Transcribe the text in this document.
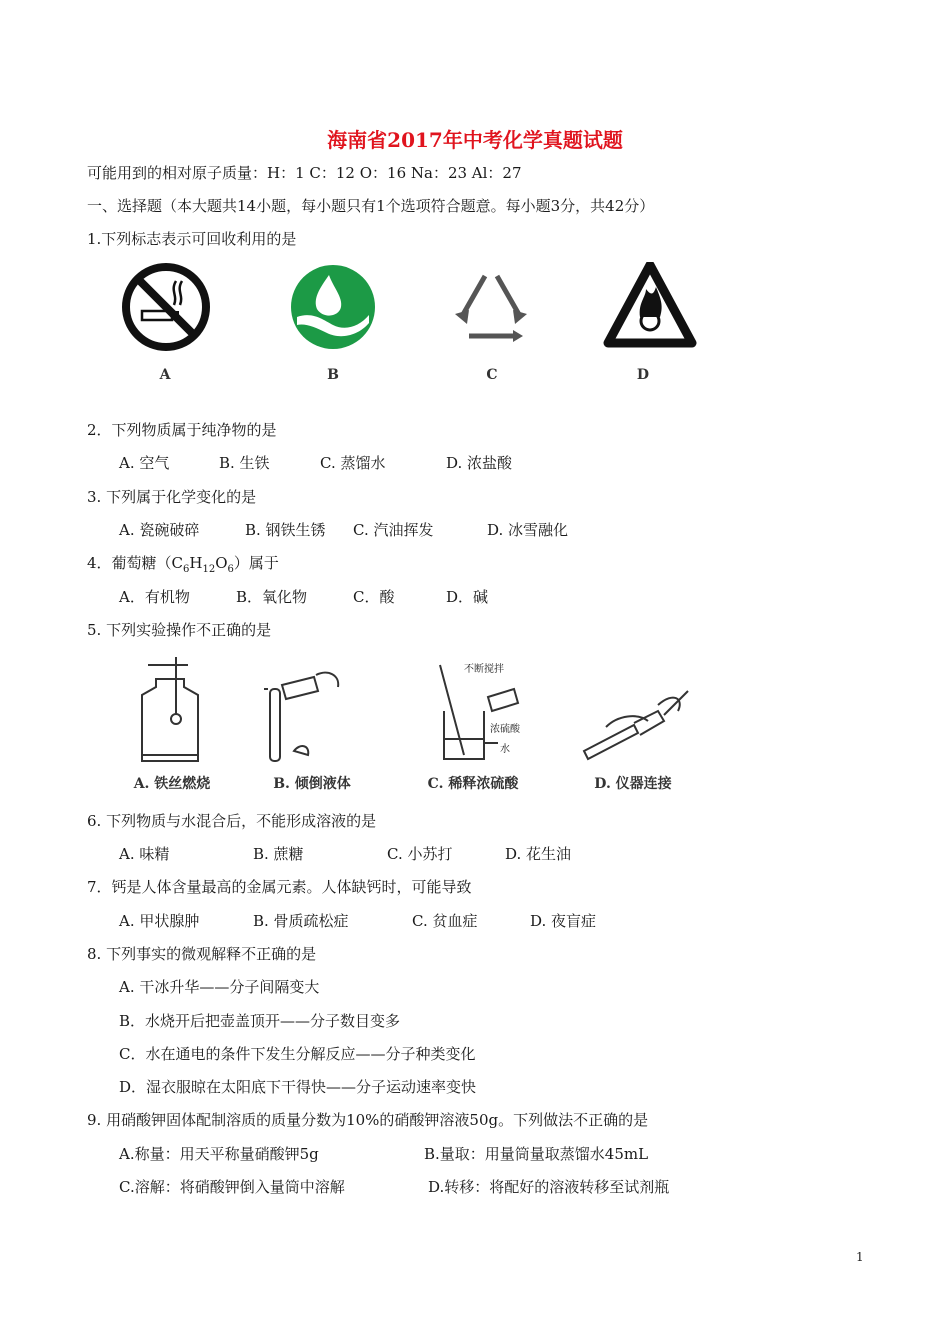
海南省2017年中考化学真题试题
可能用到的相对原子质量：H：1 C：12 O：16 Na：23 Al：27
一、选择题（本大题共14小题，每小题只有1个选项符合题意。每小题3分，共42分）
1.下列标志表示可回收利用的是
A	B	C	D
2．下列物质属于纯净物的是
A. 空气	B. 生铁	C. 蒸馏水	D. 浓盐酸
3. 下列属于化学变化的是
A. 瓷碗破碎	B. 钢铁生锈 C. 汽油挥发	D. 冰雪融化
4．葡萄糖$(C_6H_{12}O_6)$属于
A．有机物	B．氧化物	C．酸	D．碱
5. 下列实验操作不正确的是
不断搅拌
浓硫酸
水
A. 铁丝燃烧	B. 倾倒液体	C. 稀释浓硫酸	D. 仪器连接
6. 下列物质与水混合后，不能形成溶液的是
A. 味精	B. 蔗糖	C. 小苏打	D. 花生油
7．钙是人体含量最高的金属元素。人体缺钙时，可能导致
A. 甲状腺肿	B. 骨质疏松症	C. 贫血症	D. 夜盲症
8. 下列事实的微观解释不正确的是
A. 干冰升华——分子间隔变大
B．水烧开后把壶盖顶开——分子数目变多
C．水在通电的条件下发生分解反应——分子种类变化
D．湿衣服晾在太阳底下干得快——分子运动速率变快
9. 用硝酸钾固体配制溶质的质量分数为10%的硝酸钾溶液50g。下列做法不正确的是
A.称量：用天平称量硝酸钾5g	B.量取：用量筒量取蒸馏水45mL
C.溶解：将硝酸钾倒入量筒中溶解	D.转移：将配好的溶液转移至试剂瓶
1
